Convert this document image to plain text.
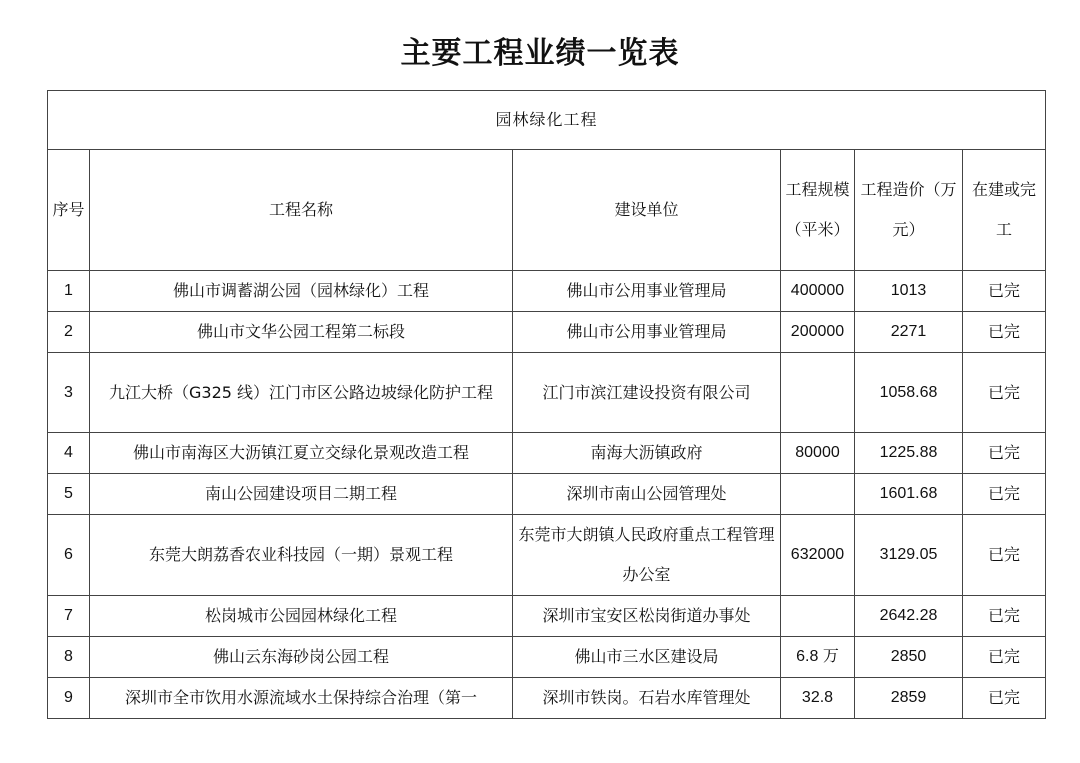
主要工程业绩一览表
园林绿化工程					

序号	工程名称	建设单位	工程规模（平米）	工程造价（万元）	在建或完工

1	佛山市调蓄湖公园（园林绿化）工程	佛山市公用事业管理局	400000	1013	已完
2	佛山市文华公园工程第二标段	佛山市公用事业管理局	200000	2271	已完
3	九江大桥（G325 线）江门市区公路边坡绿化防护工程	江门市滨江建设投资有限公司		1058.68	已完
4	佛山市南海区大沥镇江夏立交绿化景观改造工程	南海大沥镇政府	80000	1225.88	已完
5	南山公园建设项目二期工程	深圳市南山公园管理处		1601.68	已完
6	东莞大朗荔香农业科技园（一期）景观工程	东莞市大朗镇人民政府重点工程管理办公室	632000	3129.05	已完
7	松岗城市公园园林绿化工程	深圳市宝安区松岗街道办事处		2642.28	已完
8	佛山云东海砂岗公园工程	佛山市三水区建设局	6.8 万	2850	已完
9	深圳市全市饮用水源流域水土保持综合治理（第一	深圳市铁岗。石岩水库管理处	32.8	2859	已完
